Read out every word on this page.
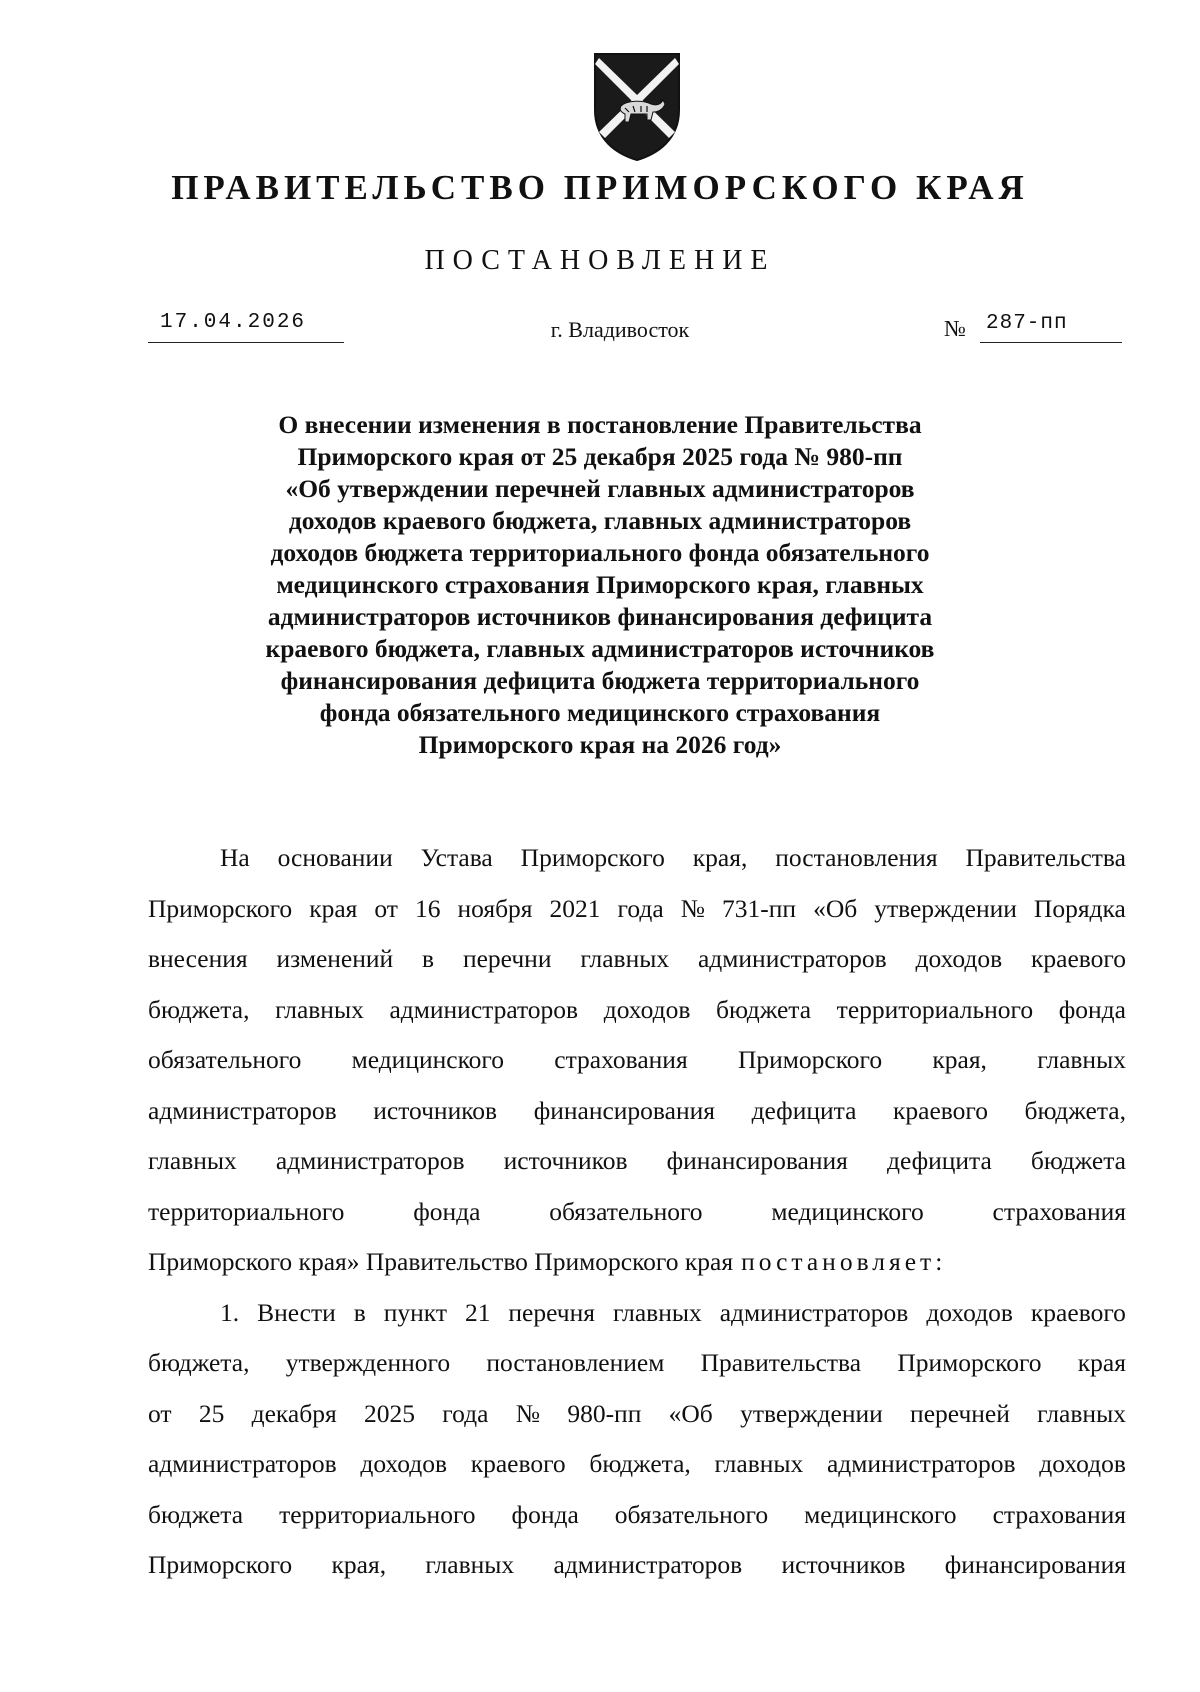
ПРАВИТЕЛЬСТВО ПРИМОРСКОГО КРАЯ
ПОСТАНОВЛЕНИЕ
17.04.2026	г. Владивосток	№ 287-пп
О внесении изменения в постановление Правительства
Приморского края от 25 декабря 2025 года № 980-пп
«Об утверждении перечней главных администраторов
доходов краевого бюджета, главных администраторов
доходов бюджета территориального фонда обязательного
медицинского страхования Приморского края, главных
администраторов источников финансирования дефицита
краевого бюджета, главных администраторов источников
финансирования дефицита бюджета территориального
фонда обязательного медицинского страхования
Приморского края на 2026 год»
На основании Устава Приморского края, постановления Правительства
Приморского края от 16 ноября 2021 года № 731-пп «Об утверждении Порядка
внесения изменений в перечни главных администраторов доходов краевого
бюджета, главных администраторов доходов бюджета территориального фонда
обязательного медицинского страхования Приморского края, главных
администраторов источников финансирования дефицита краевого бюджета,
главных администраторов источников финансирования дефицита бюджета
территориального	фонда	обязательного	медицинского	страхования
Приморского края» Правительство Приморского края постановляет:
1. Внести в пункт 21 перечня главных администраторов доходов краевого
бюджета, утвержденного постановлением Правительства Приморского края
от 25 декабря 2025 года № 980-пп «Об утверждении перечней главных
администраторов доходов краевого бюджета, главных администраторов доходов
бюджета территориального фонда обязательного медицинского страхования
Приморского края, главных администраторов источников финансирования
